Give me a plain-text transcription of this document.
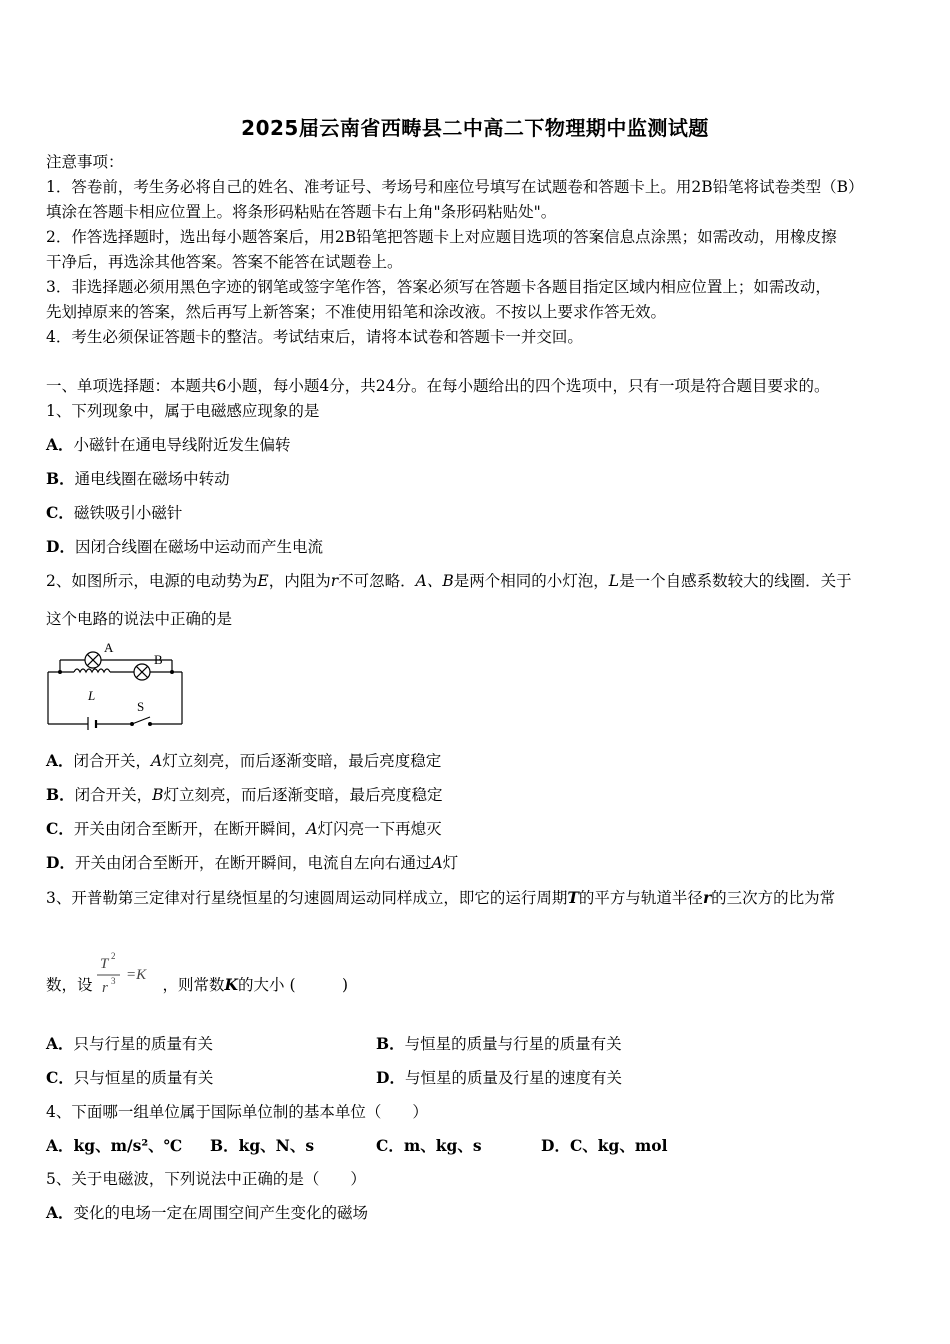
2025届云南省西畴县二中高二下物理期中监测试题
注意事项：
1．答卷前，考生务必将自己的姓名、准考证号、考场号和座位号填写在试题卷和答题卡上。用2B铅笔将试卷类型（B）
填涂在答题卡相应位置上。将条形码粘贴在答题卡右上角"条形码粘贴处"。
2．作答选择题时，选出每小题答案后，用2B铅笔把答题卡上对应题目选项的答案信息点涂黑；如需改动，用橡皮擦
干净后，再选涂其他答案。答案不能答在试题卷上。
3．非选择题必须用黑色字迹的钢笔或签字笔作答，答案必须写在答题卡各题目指定区域内相应位置上；如需改动，
先划掉原来的答案，然后再写上新答案；不准使用铅笔和涂改液。不按以上要求作答无效。
4．考生必须保证答题卡的整洁。考试结束后，请将本试卷和答题卡一并交回。
一、单项选择题：本题共6小题，每小题4分，共24分。在每小题给出的四个选项中，只有一项是符合题目要求的。
1、下列现象中，属于电磁感应现象的是
A．小磁针在通电导线附近发生偏转
B．通电线圈在磁场中转动
C．磁铁吸引小磁针
D．因闭合线圈在磁场中运动而产生电流
2、如图所示，电源的电动势为E，内阻为r不可忽略．A、B是两个相同的小灯泡，L是一个自感系数较大的线圈．关于
这个电路的说法中正确的是
A
B
L
S
A．闭合开关，A灯立刻亮，而后逐渐变暗，最后亮度稳定
B．闭合开关，B灯立刻亮，而后逐渐变暗，最后亮度稳定
C．开关由闭合至断开，在断开瞬间，A灯闪亮一下再熄灭
D．开关由闭合至断开，在断开瞬间，电流自左向右通过A灯
3、开普勒第三定律对行星绕恒星的匀速圆周运动同样成立，即它的运行周期T的平方与轨道半径r的三次方的比为常
数，设	，则常数K的大小 (　　　)
T 2
r 3 =K
A．只与行星的质量有关	B．与恒星的质量与行星的质量有关
C．只与恒星的质量有关	D．与恒星的质量及行星的速度有关
4、下面哪一组单位属于国际单位制的基本单位（　　）
A．kg、m/s²、℃ B．kg、N、s	C．m、kg、s	D．C、kg、mol
5、关于电磁波，下列说法中正确的是（　　）
A．变化的电场一定在周围空间产生变化的磁场
